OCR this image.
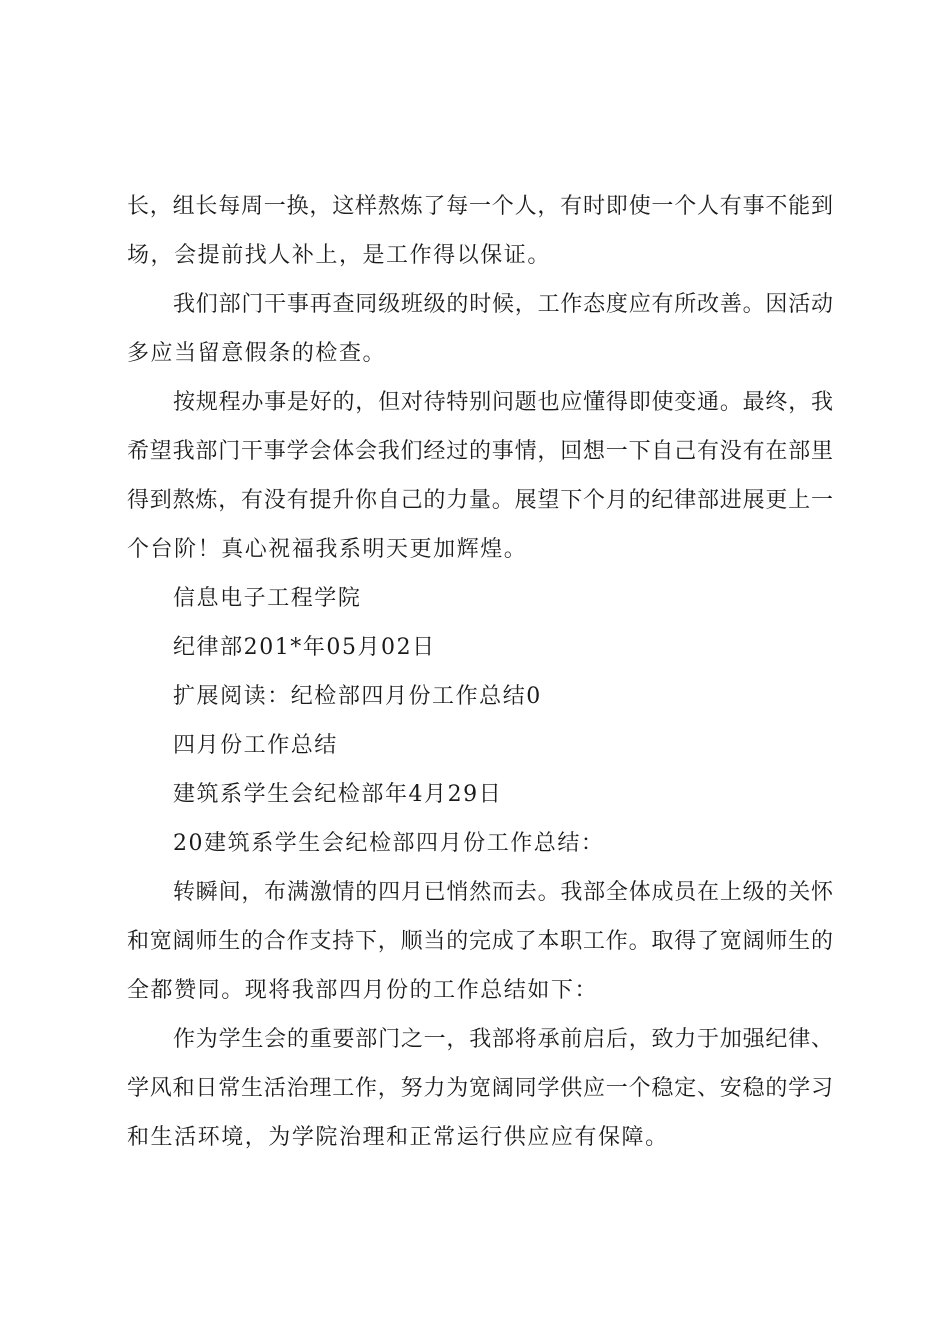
长，组长每周一换，这样熬炼了每一个人，有时即使一个人有事不能到
场，会提前找人补上，是工作得以保证。
我们部门干事再查同级班级的时候，工作态度应有所改善。因活动
多应当留意假条的检查。
按规程办事是好的，但对待特别问题也应懂得即使变通。最终，我
希望我部门干事学会体会我们经过的事情，回想一下自己有没有在部里
得到熬炼，有没有提升你自己的力量。展望下个月的纪律部进展更上一
个台阶！真心祝福我系明天更加辉煌。
信息电子工程学院
纪律部201*年05月02日
扩展阅读：纪检部四月份工作总结0
四月份工作总结
建筑系学生会纪检部年4月29日
20建筑系学生会纪检部四月份工作总结：
转瞬间，布满激情的四月已悄然而去。我部全体成员在上级的关怀
和宽阔师生的合作支持下，顺当的完成了本职工作。取得了宽阔师生的
全都赞同。现将我部四月份的工作总结如下：
作为学生会的重要部门之一，我部将承前启后，致力于加强纪律、
学风和日常生活治理工作，努力为宽阔同学供应一个稳定、安稳的学习
和生活环境，为学院治理和正常运行供应应有保障。
